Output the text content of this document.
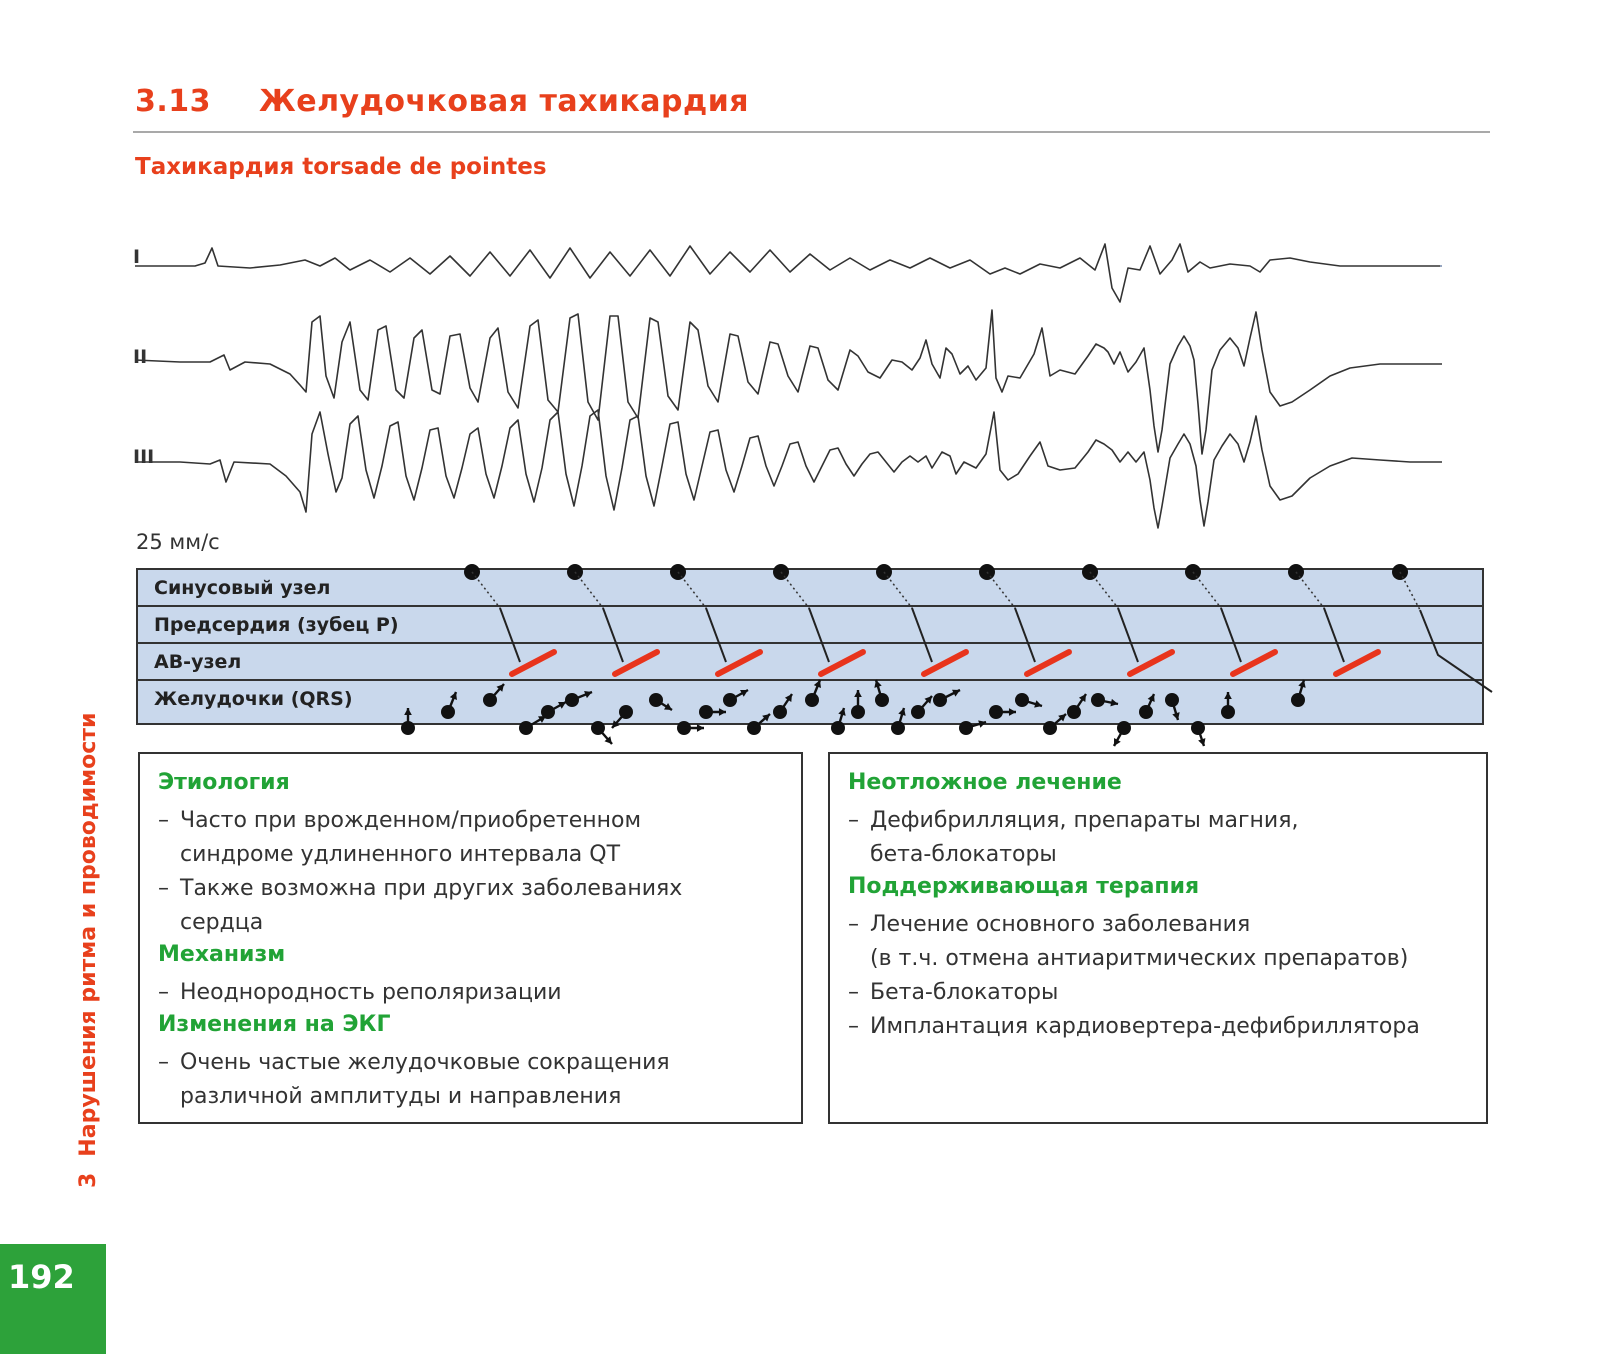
3.13 Желудочковая тахикардия
Тахикардия torsade de pointes
I
II
III
25 мм/с
Синусовый узел
Предсердия (зубец P)
АВ-узел
Желудочки (QRS)
Этиология
– Часто при врожденном/приобретенном
синдроме удлиненного интервала QT
– Также возможна при других заболеваниях
сердца
Механизм
– Неоднородность реполяризации
Изменения на ЭКГ
– Очень частые желудочковые сокращения
различной амплитуды и направления
Неотложное лечение
– Дефибрилляция, препараты магния,
бета-блокаторы
Поддерживающая терапия
– Лечение основного заболевания
(в т.ч. отмена антиаритмических препаратов)
– Бета-блокаторы
– Имплантация кардиовертера-дефибриллятора
3Нарушения ритма и проводимости
192
